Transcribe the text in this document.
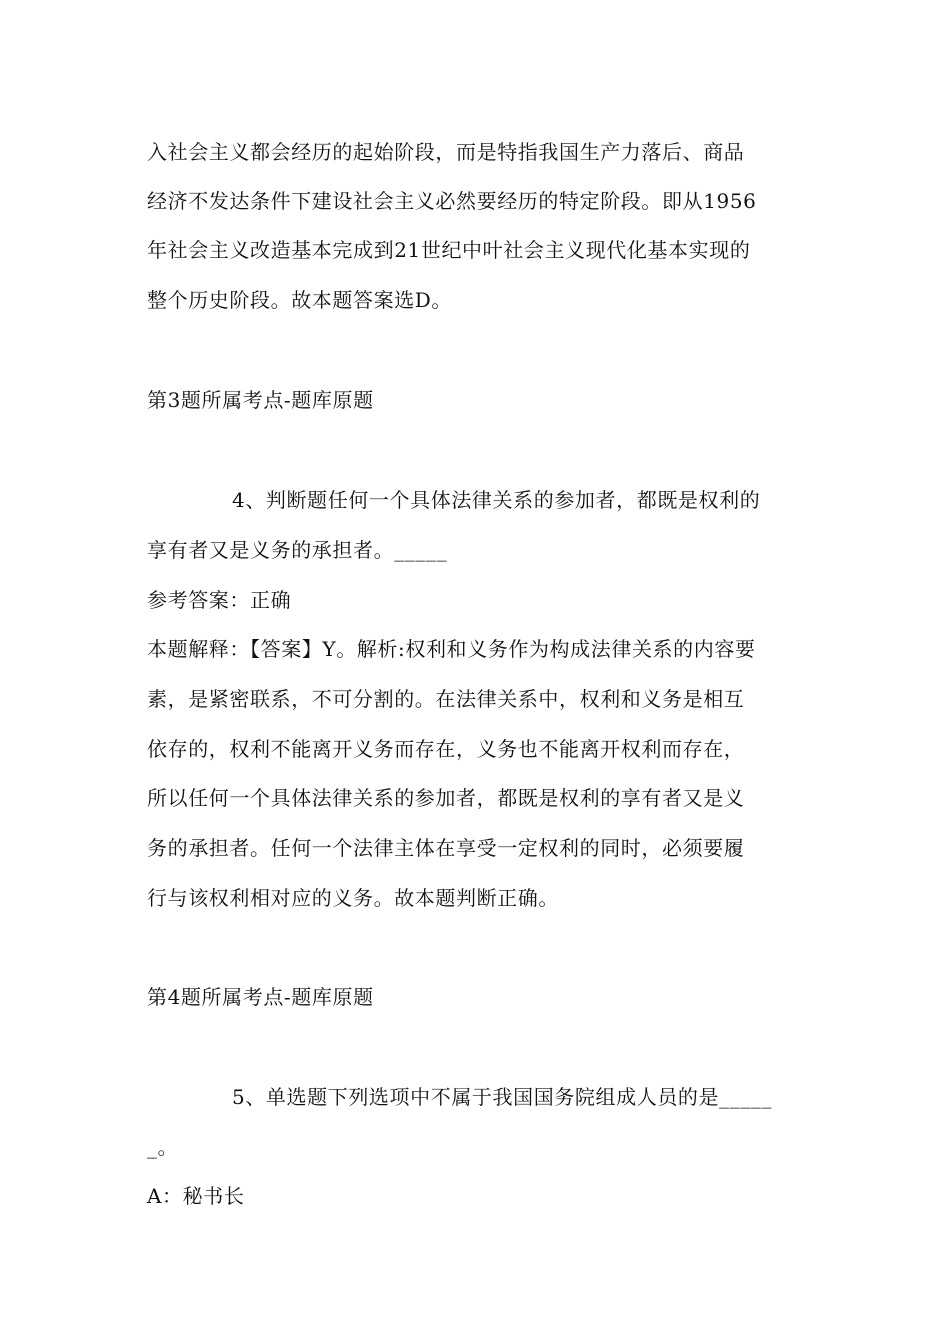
入社会主义都会经历的起始阶段，而是特指我国生产力落后、商品
经济不发达条件下建设社会主义必然要经历的特定阶段。即从1956
年社会主义改造基本完成到21世纪中叶社会主义现代化基本实现的
整个历史阶段。故本题答案选D。
第3题所属考点-题库原题
4、判断题任何一个具体法律关系的参加者，都既是权利的
享有者又是义务的承担者。_____
参考答案：正确
本题解释：【答案】Y。解析:权利和义务作为构成法律关系的内容要
素，是紧密联系，不可分割的。在法律关系中，权利和义务是相互
依存的，权利不能离开义务而存在，义务也不能离开权利而存在，
所以任何一个具体法律关系的参加者，都既是权利的享有者又是义
务的承担者。任何一个法律主体在享受一定权利的同时，必须要履
行与该权利相对应的义务。故本题判断正确。
第4题所属考点-题库原题
5、单选题下列选项中不属于我国国务院组成人员的是_____
_。
A：秘书长
